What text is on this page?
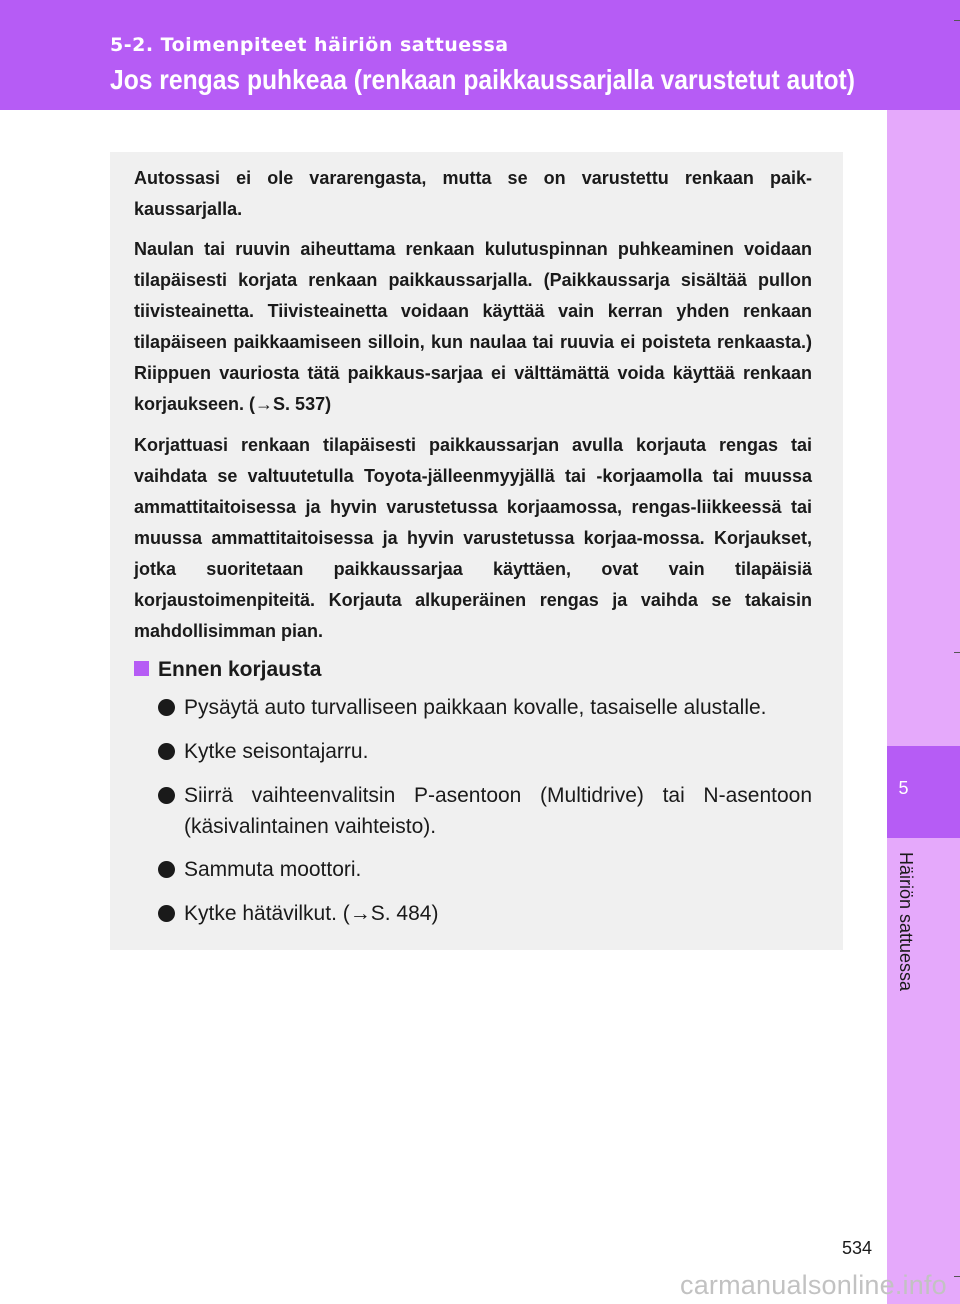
5-2. Toimenpiteet häiriön sattuessa
Jos rengas puhkeaa (renkaan paikkaussarjalla varustetut autot)
5
Häiriön sattuessa
Autossasi ei ole vararengasta, mutta se on varustettu renkaan paik-kaussarjalla.
Naulan tai ruuvin aiheuttama renkaan kulutuspinnan puhkeaminen voidaan tilapäisesti korjata renkaan paikkaussarjalla. (Paikkaussarja sisältää pullon tiivisteainetta. Tiivisteainetta voidaan käyttää vain kerran yhden renkaan tilapäiseen paikkaamiseen silloin, kun naulaa tai ruuvia ei poisteta renkaasta.) Riippuen vauriosta tätä paikkaus-sarjaa ei välttämättä voida käyttää renkaan korjaukseen. (→S. 537)
Korjattuasi renkaan tilapäisesti paikkaussarjan avulla korjauta rengas tai vaihdata se valtuutetulla Toyota-jälleenmyyjällä tai -korjaamolla tai muussa ammattitaitoisessa ja hyvin varustetussa korjaamossa, rengas-liikkeessä tai muussa ammattitaitoisessa ja hyvin varustetussa korjaa-mossa. Korjaukset, jotka suoritetaan paikkaussarjaa käyttäen, ovat vain tilapäisiä korjaustoimenpiteitä. Korjauta alkuperäinen rengas ja vaihda se takaisin mahdollisimman pian.
Ennen korjausta
Pysäytä auto turvalliseen paikkaan kovalle, tasaiselle alustalle.
Kytke seisontajarru.
Siirrä vaihteenvalitsin P-asentoon (Multidrive) tai N-asentoon (käsivalintainen vaihteisto).
Sammuta moottori.
Kytke hätävilkut. (→S. 484)
534
carmanualsonline.info
